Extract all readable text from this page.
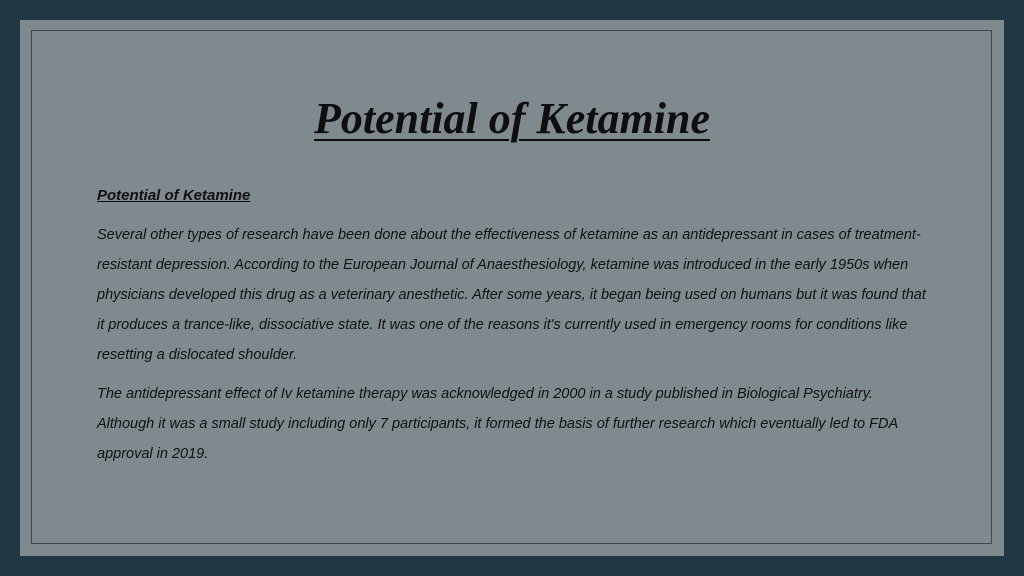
Potential of Ketamine

Potential of Ketamine

Several other types of research have been done about the effectiveness of ketamine as an antidepressant in cases of treatment-resistant depression. According to the European Journal of Anaesthesiology, ketamine was introduced in the early 1950s when physicians developed this drug as a veterinary anesthetic. After some years, it began being used on humans but it was found that it produces a trance-like, dissociative state. It was one of the reasons it's currently used in emergency rooms for conditions like resetting a dislocated shoulder.

The antidepressant effect of Iv ketamine therapy was acknowledged in 2000 in a study published in Biological Psychiatry. Although it was a small study including only 7 participants, it formed the basis of further research which eventually led to FDA approval in 2019.
